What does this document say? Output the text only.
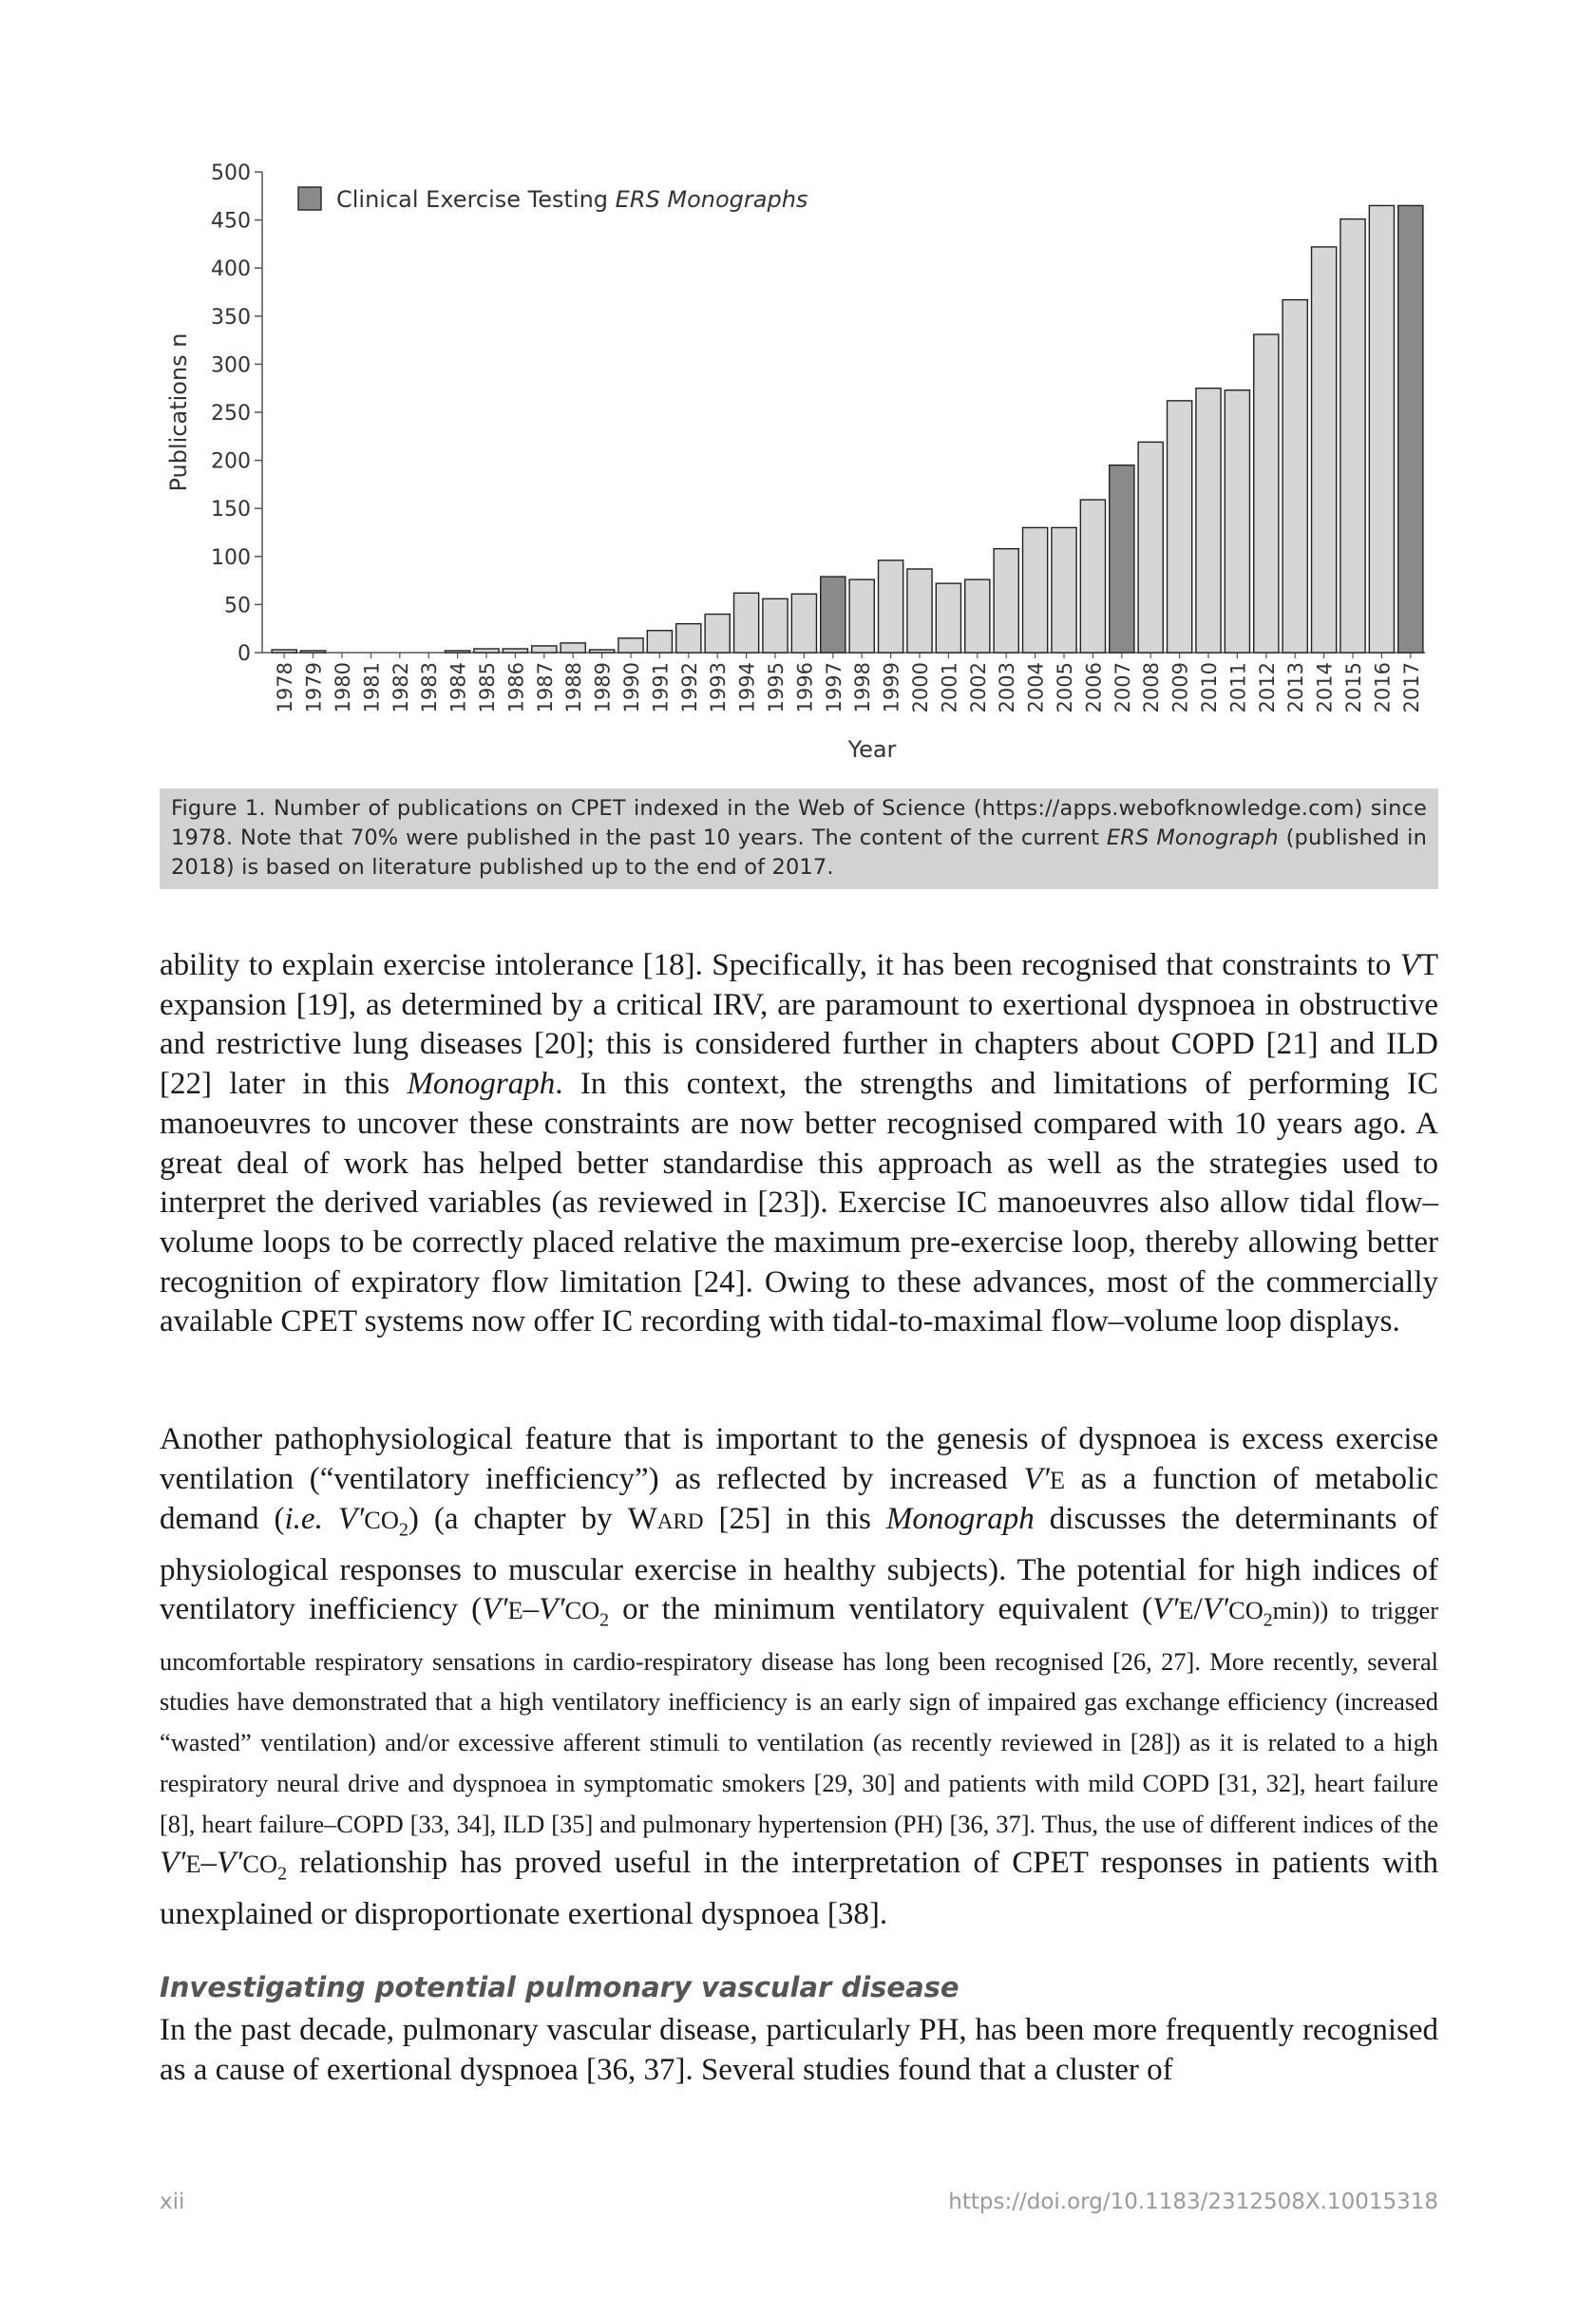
0
50
100
150
200
250
300
350
400
450
500
Publications n
1978 1979 1980 1981 1982 1983 1984 1985 1986 1987 1988 1989 1990 1991 1992 1993 1994 1995 1996 1997 1998 1999 2000 2001 2002 2003 2004 2005 2006 2007 2008 2009 2010 2011 2012 2013 2014 2015 2016 2017
Year
Clinical Exercise Testing ERS Monographs
Figure 1. Number of publications on CPET indexed in the Web of Science (https://apps.webofknowledge.com) since 1978. Note that 70% were published in the past 10 years. The content of the current ERS Monograph (published in 2018) is based on literature published up to the end of 2017.

ability to explain exercise intolerance [18]. Specifically, it has been recognised that constraints to VT expansion [19], as determined by a critical IRV, are paramount to exertional dyspnoea in obstructive and restrictive lung diseases [20]; this is considered further in chapters about COPD [21] and ILD [22] later in this Monograph. In this context, the strengths and limitations of performing IC manoeuvres to uncover these constraints are now better recognised compared with 10 years ago. A great deal of work has helped better standardise this approach as well as the strategies used to interpret the derived variables (as reviewed in [23]). Exercise IC manoeuvres also allow tidal flow–volume loops to be correctly placed relative the maximum pre-exercise loop, thereby allowing better recognition of expiratory flow limitation [24]. Owing to these advances, most of the commercially available CPET systems now offer IC recording with tidal-to-maximal flow–volume loop displays.

Another pathophysiological feature that is important to the genesis of dyspnoea is excess exercise ventilation (“ventilatory inefficiency”) as reflected by increased V′E as a function of metabolic demand (i.e. $V'CO_2$) (a chapter by Ward [25] in this Monograph discusses the determinants of physiological responses to muscular exercise in healthy subjects). The potential for high indices of ventilatory inefficiency ($V'E-V'CO_2$ or the minimum ventilatory equivalent $(V'E/V'CO_2\min)$) to trigger uncomfortable respiratory sensations in cardio-respiratory disease has long been recognised [26, 27]. More recently, several studies have demonstrated that a high ventilatory inefficiency is an early sign of impaired gas exchange efficiency (increased “wasted” ventilation) and/or excessive afferent stimuli to ventilation (as recently reviewed in [28]) as it is related to a high respiratory neural drive and dyspnoea in symptomatic smokers [29, 30] and patients with mild COPD [31, 32], heart failure [8], heart failure–COPD [33, 34], ILD [35] and pulmonary hypertension (PH) [36, 37]. Thus, the use of different indices of the $V'E-V'CO_2$ relationship has proved useful in the interpretation of CPET responses in patients with unexplained or disproportionate exertional dyspnoea [38].

Investigating potential pulmonary vascular disease

In the past decade, pulmonary vascular disease, particularly PH, has been more frequently recognised as a cause of exertional dyspnoea [36, 37]. Several studies found that a cluster of

xii	https://doi.org/10.1183/2312508X.10015318
